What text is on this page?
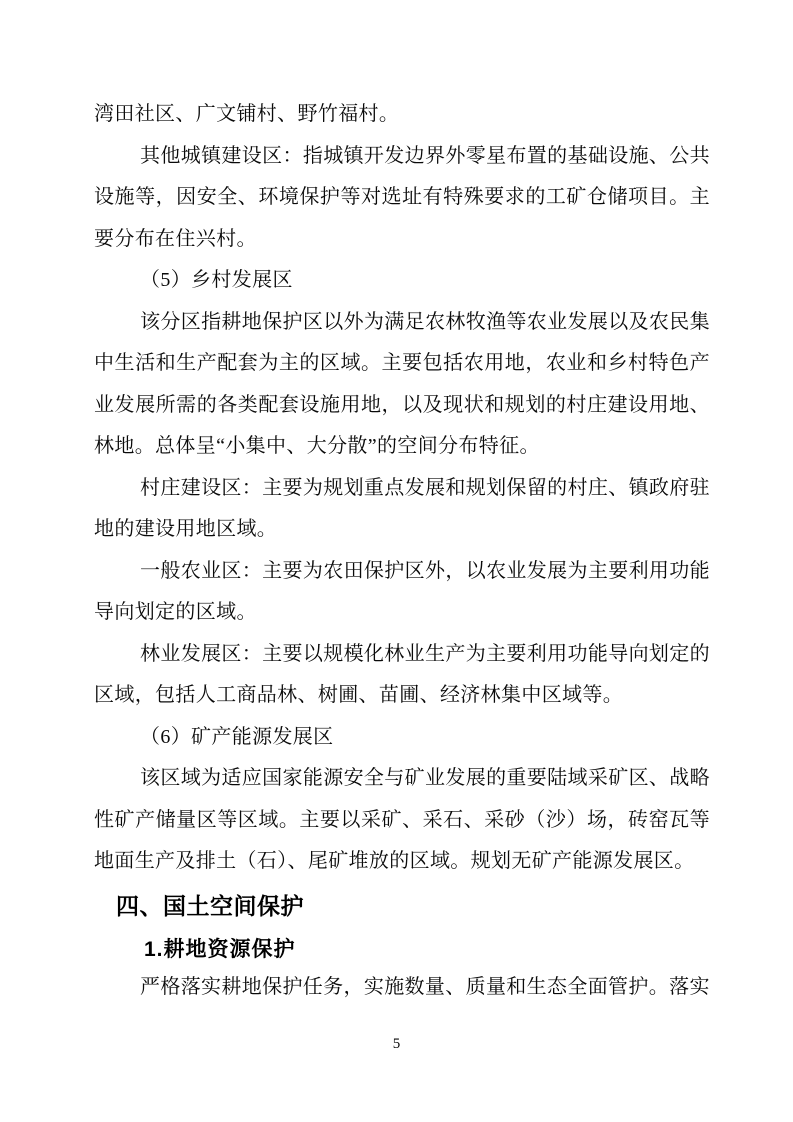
湾田社区、广文铺村、野竹福村。

其他城镇建设区：指城镇开发边界外零星布置的基础设施、公共设施等，因安全、环境保护等对选址有特殊要求的工矿仓储项目。主要分布在住兴村。

（5）乡村发展区

该分区指耕地保护区以外为满足农林牧渔等农业发展以及农民集中生活和生产配套为主的区域。主要包括农用地，农业和乡村特色产业发展所需的各类配套设施用地，以及现状和规划的村庄建设用地、林地。总体呈“小集中、大分散”的空间分布特征。

村庄建设区：主要为规划重点发展和规划保留的村庄、镇政府驻地的建设用地区域。

一般农业区：主要为农田保护区外，以农业发展为主要利用功能导向划定的区域。

林业发展区：主要以规模化林业生产为主要利用功能导向划定的区域，包括人工商品林、树圃、苗圃、经济林集中区域等。

（6）矿产能源发展区

该区域为适应国家能源安全与矿业发展的重要陆域采矿区、战略性矿产储量区等区域。主要以采矿、采石、采砂（沙）场，砖窑瓦等地面生产及排土（石）、尾矿堆放的区域。规划无矿产能源发展区。

四、国土空间保护

1.耕地资源保护

严格落实耕地保护任务，实施数量、质量和生态全面管护。落实

5
